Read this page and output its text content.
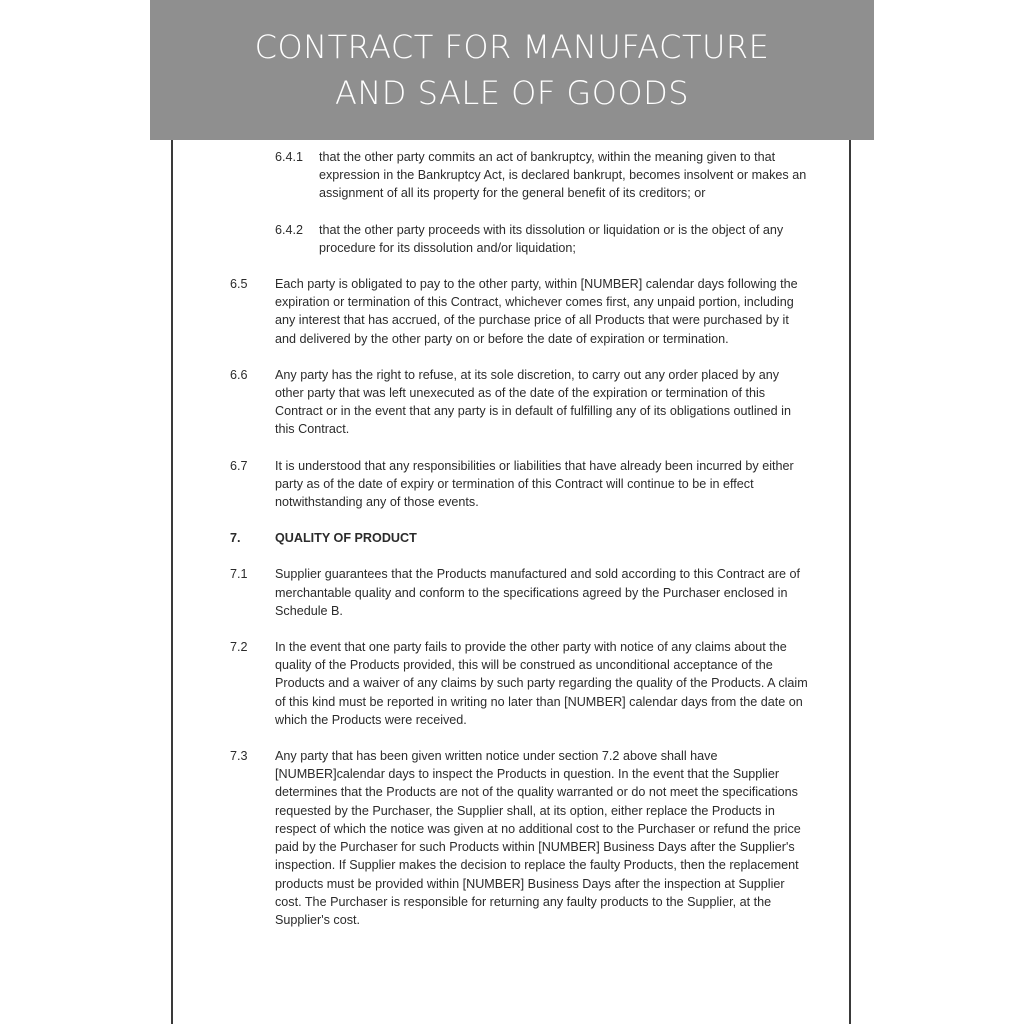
CONTRACT FOR MANUFACTURE
AND SALE OF GOODS
6.4.1 that the other party commits an act of bankruptcy, within the meaning given to that expression in the Bankruptcy Act, is declared bankrupt, becomes insolvent or makes an assignment of all its property for the general benefit of its creditors; or
6.4.2 that the other party proceeds with its dissolution or liquidation or is the object of any procedure for its dissolution and/or liquidation;
6.5 Each party is obligated to pay to the other party, within [NUMBER] calendar days following the expiration or termination of this Contract, whichever comes first, any unpaid portion, including any interest that has accrued, of the purchase price of all Products that were purchased by it and delivered by the other party on or before the date of expiration or termination.
6.6 Any party has the right to refuse, at its sole discretion, to carry out any order placed by any other party that was left unexecuted as of the date of the expiration or termination of this Contract or in the event that any party is in default of fulfilling any of its obligations outlined in this Contract.
6.7 It is understood that any responsibilities or liabilities that have already been incurred by either party as of the date of expiry or termination of this Contract will continue to be in effect notwithstanding any of those events.
7.	QUALITY OF PRODUCT
7.1 Supplier guarantees that the Products manufactured and sold according to this Contract are of merchantable quality and conform to the specifications agreed by the Purchaser enclosed in Schedule B.
7.2 In the event that one party fails to provide the other party with notice of any claims about the quality of the Products provided, this will be construed as unconditional acceptance of the Products and a waiver of any claims by such party regarding the quality of the Products. A claim of this kind must be reported in writing no later than [NUMBER] calendar days from the date on which the Products were received.
7.3 Any party that has been given written notice under section 7.2 above shall have [NUMBER]calendar days to inspect the Products in question. In the event that the Supplier determines that the Products are not of the quality warranted or do not meet the specifications requested by the Purchaser, the Supplier shall, at its option, either replace the Products in respect of which the notice was given at no additional cost to the Purchaser or refund the price paid by the Purchaser for such Products within [NUMBER] Business Days after the Supplier's inspection. If Supplier makes the decision to replace the faulty Products, then the replacement products must be provided within [NUMBER] Business Days after the inspection at Supplier cost. The Purchaser is responsible for returning any faulty products to the Supplier, at the Supplier's cost.
